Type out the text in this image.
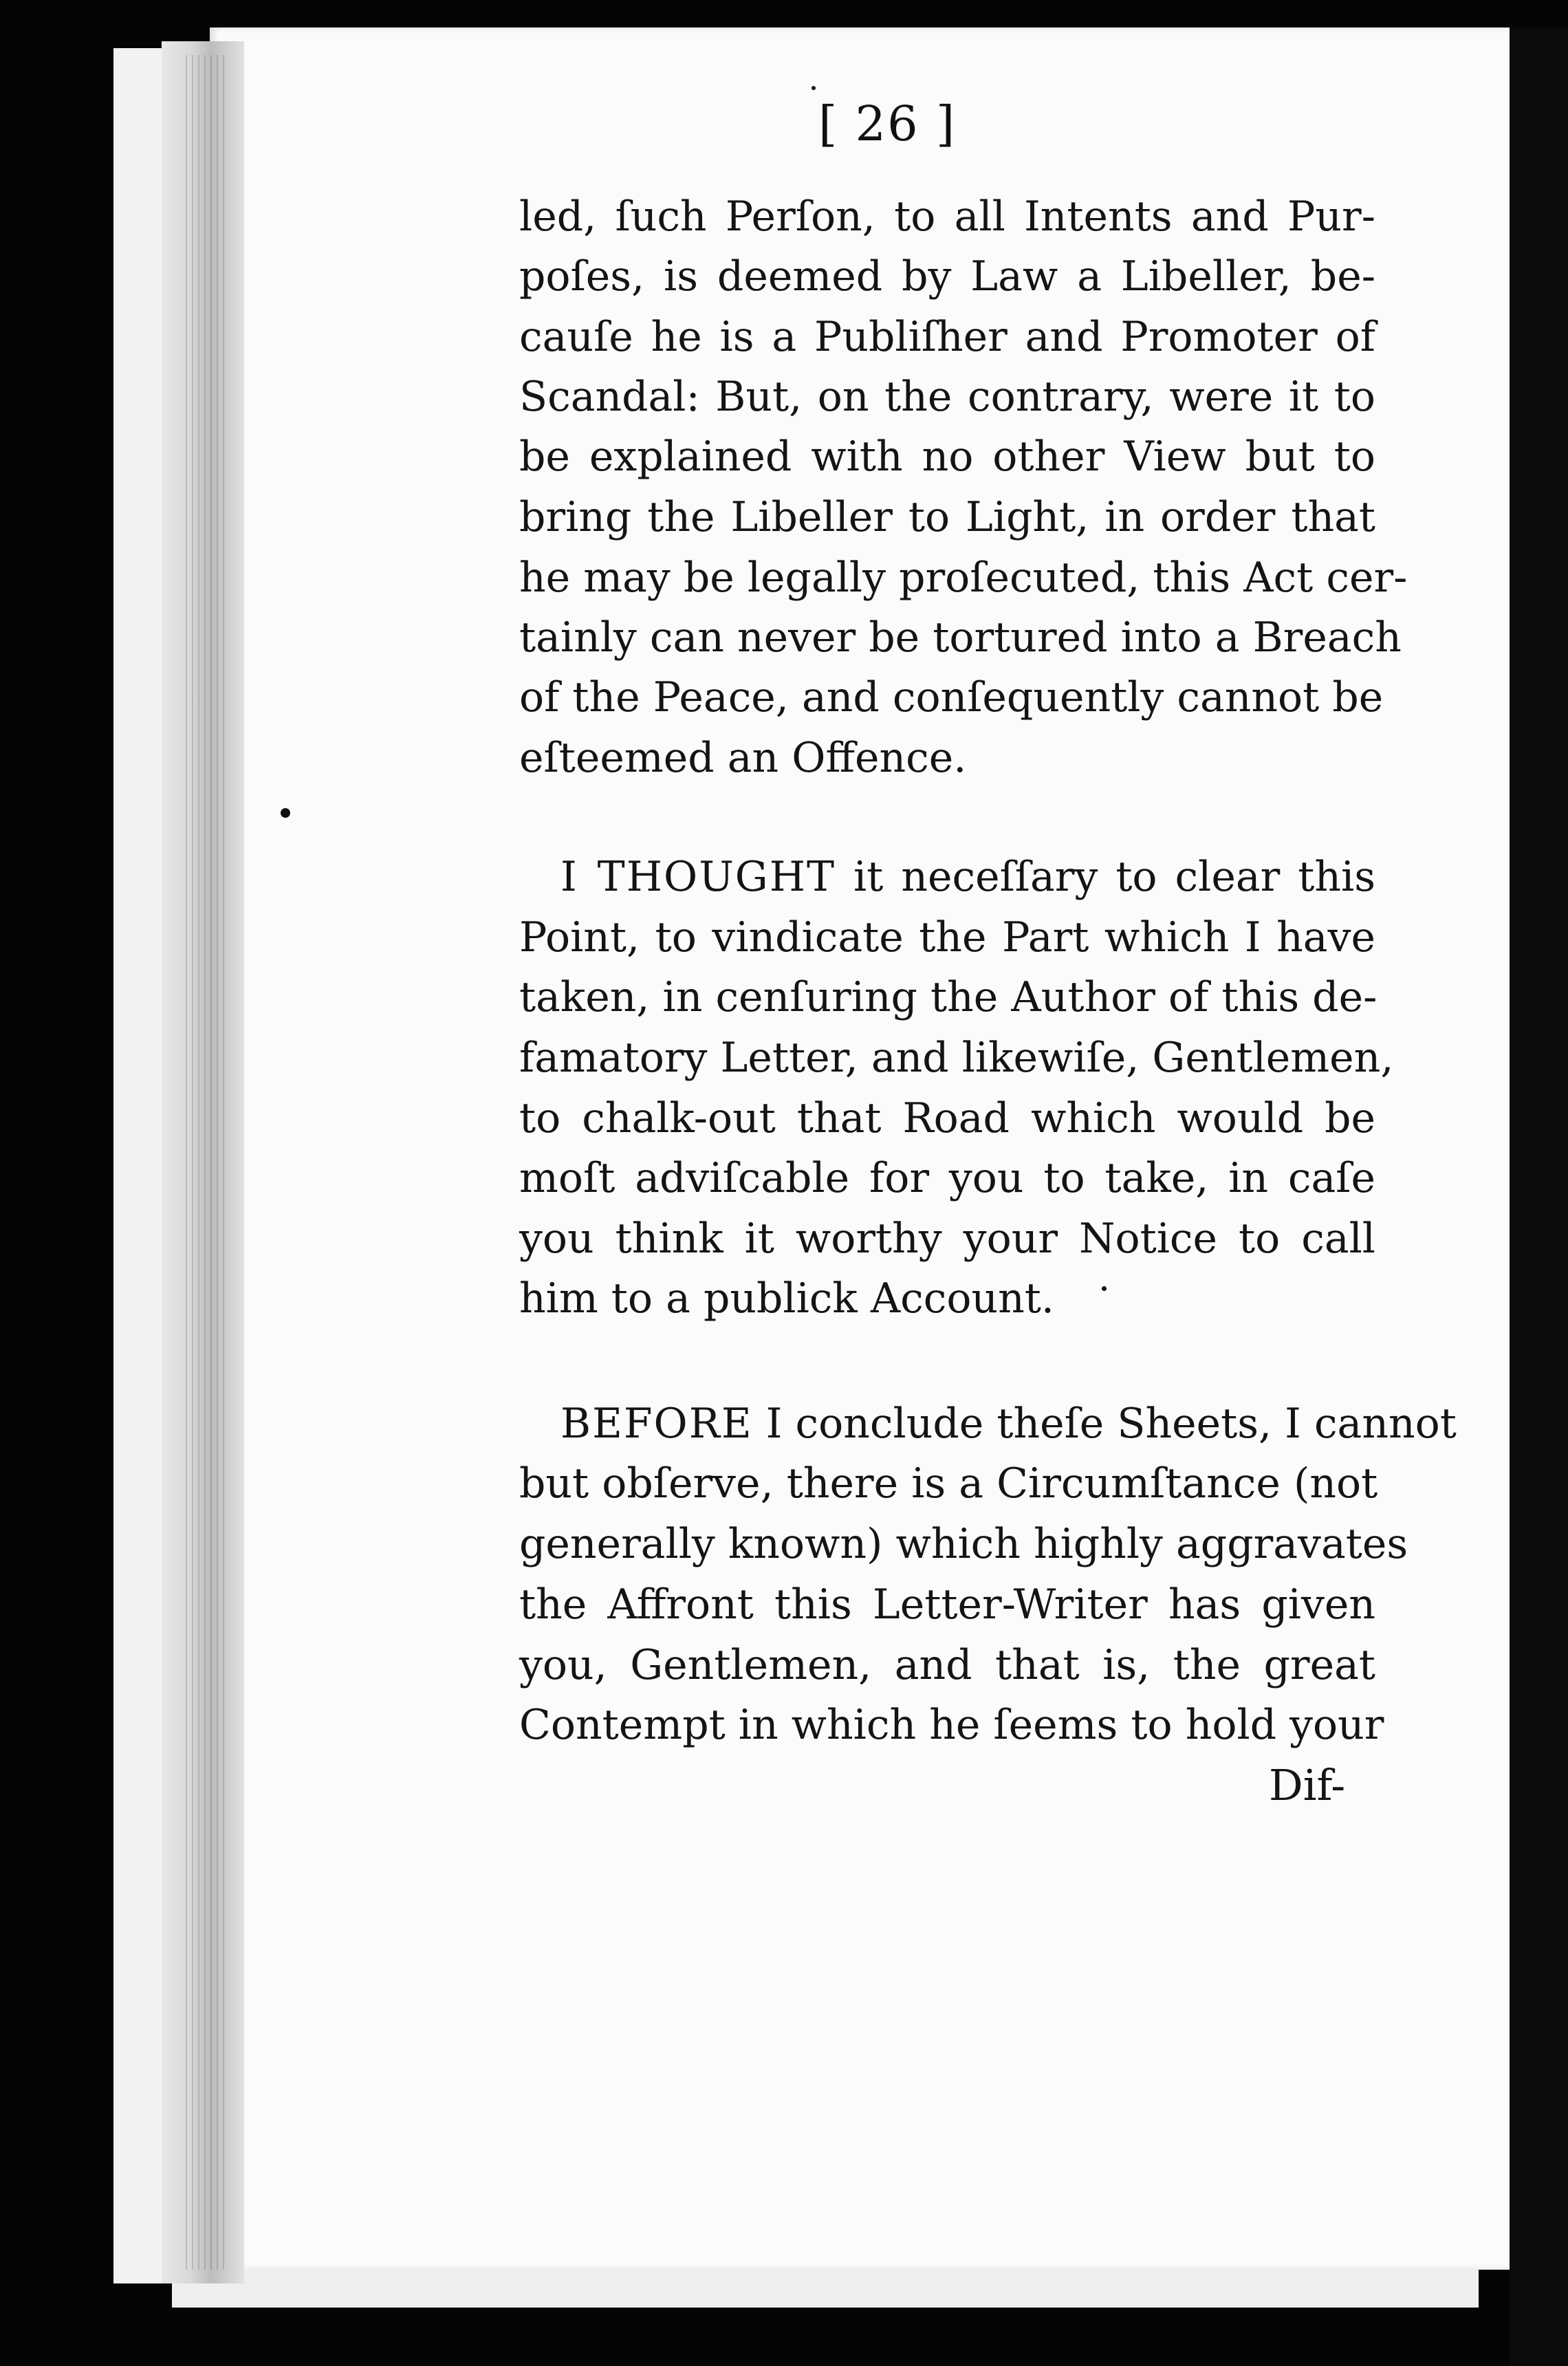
[ 26 ]
led, ſuch Perſon, to all Intents and Pur-
poſes, is deemed by Law a Libeller, be-
cauſe he is a Publiſher and Promoter of
Scandal: But, on the contrary, were it to
be explained with no other View but to
bring the Libeller to Light, in order that
he may be legally proſecuted, this Act cer-
tainly can never be tortured into a Breach
of the Peace, and conſequently cannot be
eſteemed an Offence.
I THOUGHT it neceſſary to clear this
Point, to vindicate the Part which I have
taken, in cenſuring the Author of this de-
famatory Letter, and likewiſe, Gentlemen,
to chalk-out that Road which would be
moſt adviſcable for you to take, in caſe
you think it worthy your Notice to call
him to a publick Account.
BEFORE I conclude theſe Sheets, I cannot
but obſerve, there is a Circumſtance (not
generally known) which highly aggravates
the Affront this Letter-Writer has given
you, Gentlemen, and that is, the great
Contempt in which he ſeems to hold your
Dif-
